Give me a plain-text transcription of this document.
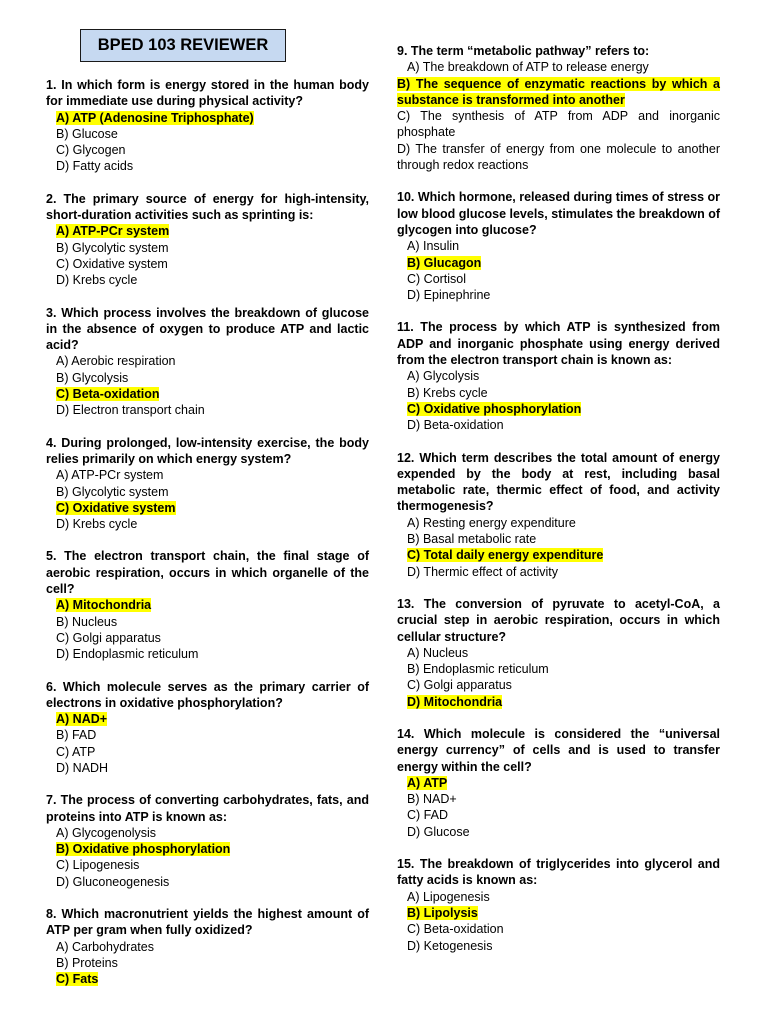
BPED 103 REVIEWER

1. In which form is energy stored in the human body for immediate use during physical activity?

A) ATP (Adenosine Triphosphate)

B) Glucose

C) Glycogen

D) Fatty acids

2. The primary source of energy for high-intensity, short-duration activities such as sprinting is:

A) ATP-PCr system

B) Glycolytic system

C) Oxidative system

D) Krebs cycle

3. Which process involves the breakdown of glucose in the absence of oxygen to produce ATP and lactic acid?

A) Aerobic respiration

B) Glycolysis

C) Beta-oxidation

D) Electron transport chain

4. During prolonged, low-intensity exercise, the body relies primarily on which energy system?

A) ATP-PCr system

B) Glycolytic system

C) Oxidative system

D) Krebs cycle

5. The electron transport chain, the final stage of aerobic respiration, occurs in which organelle of the cell?

A) Mitochondria

B) Nucleus

C) Golgi apparatus

D) Endoplasmic reticulum

6. Which molecule serves as the primary carrier of electrons in oxidative phosphorylation?

A) NAD+

B) FAD

C) ATP

D) NADH

7. The process of converting carbohydrates, fats, and proteins into ATP is known as:

A) Glycogenolysis

B) Oxidative phosphorylation

C) Lipogenesis

D) Gluconeogenesis

8. Which macronutrient yields the highest amount of ATP per gram when fully oxidized?

A) Carbohydrates

B) Proteins

C) Fats

9. The term “metabolic pathway” refers to:

A) The breakdown of ATP to release energy

B) The sequence of enzymatic reactions by which a substance is transformed into another

C) The synthesis of ATP from ADP and inorganic phosphate

D) The transfer of energy from one molecule to another through redox reactions

10. Which hormone, released during times of stress or low blood glucose levels, stimulates the breakdown of glycogen into glucose?

A) Insulin

B) Glucagon

C) Cortisol

D) Epinephrine

11. The process by which ATP is synthesized from ADP and inorganic phosphate using energy derived from the electron transport chain is known as:

A) Glycolysis

B) Krebs cycle

C) Oxidative phosphorylation

D) Beta-oxidation

12. Which term describes the total amount of energy expended by the body at rest, including basal metabolic rate, thermic effect of food, and activity thermogenesis?

A) Resting energy expenditure

B) Basal metabolic rate

C) Total daily energy expenditure

D) Thermic effect of activity

13. The conversion of pyruvate to acetyl-CoA, a crucial step in aerobic respiration, occurs in which cellular structure?

A) Nucleus

B) Endoplasmic reticulum

C) Golgi apparatus

D) Mitochondria

14. Which molecule is considered the “universal energy currency” of cells and is used to transfer energy within the cell?

A) ATP

B) NAD+

C) FAD

D) Glucose

15. The breakdown of triglycerides into glycerol and fatty acids is known as:

A) Lipogenesis

B) Lipolysis

C) Beta-oxidation

D) Ketogenesis
